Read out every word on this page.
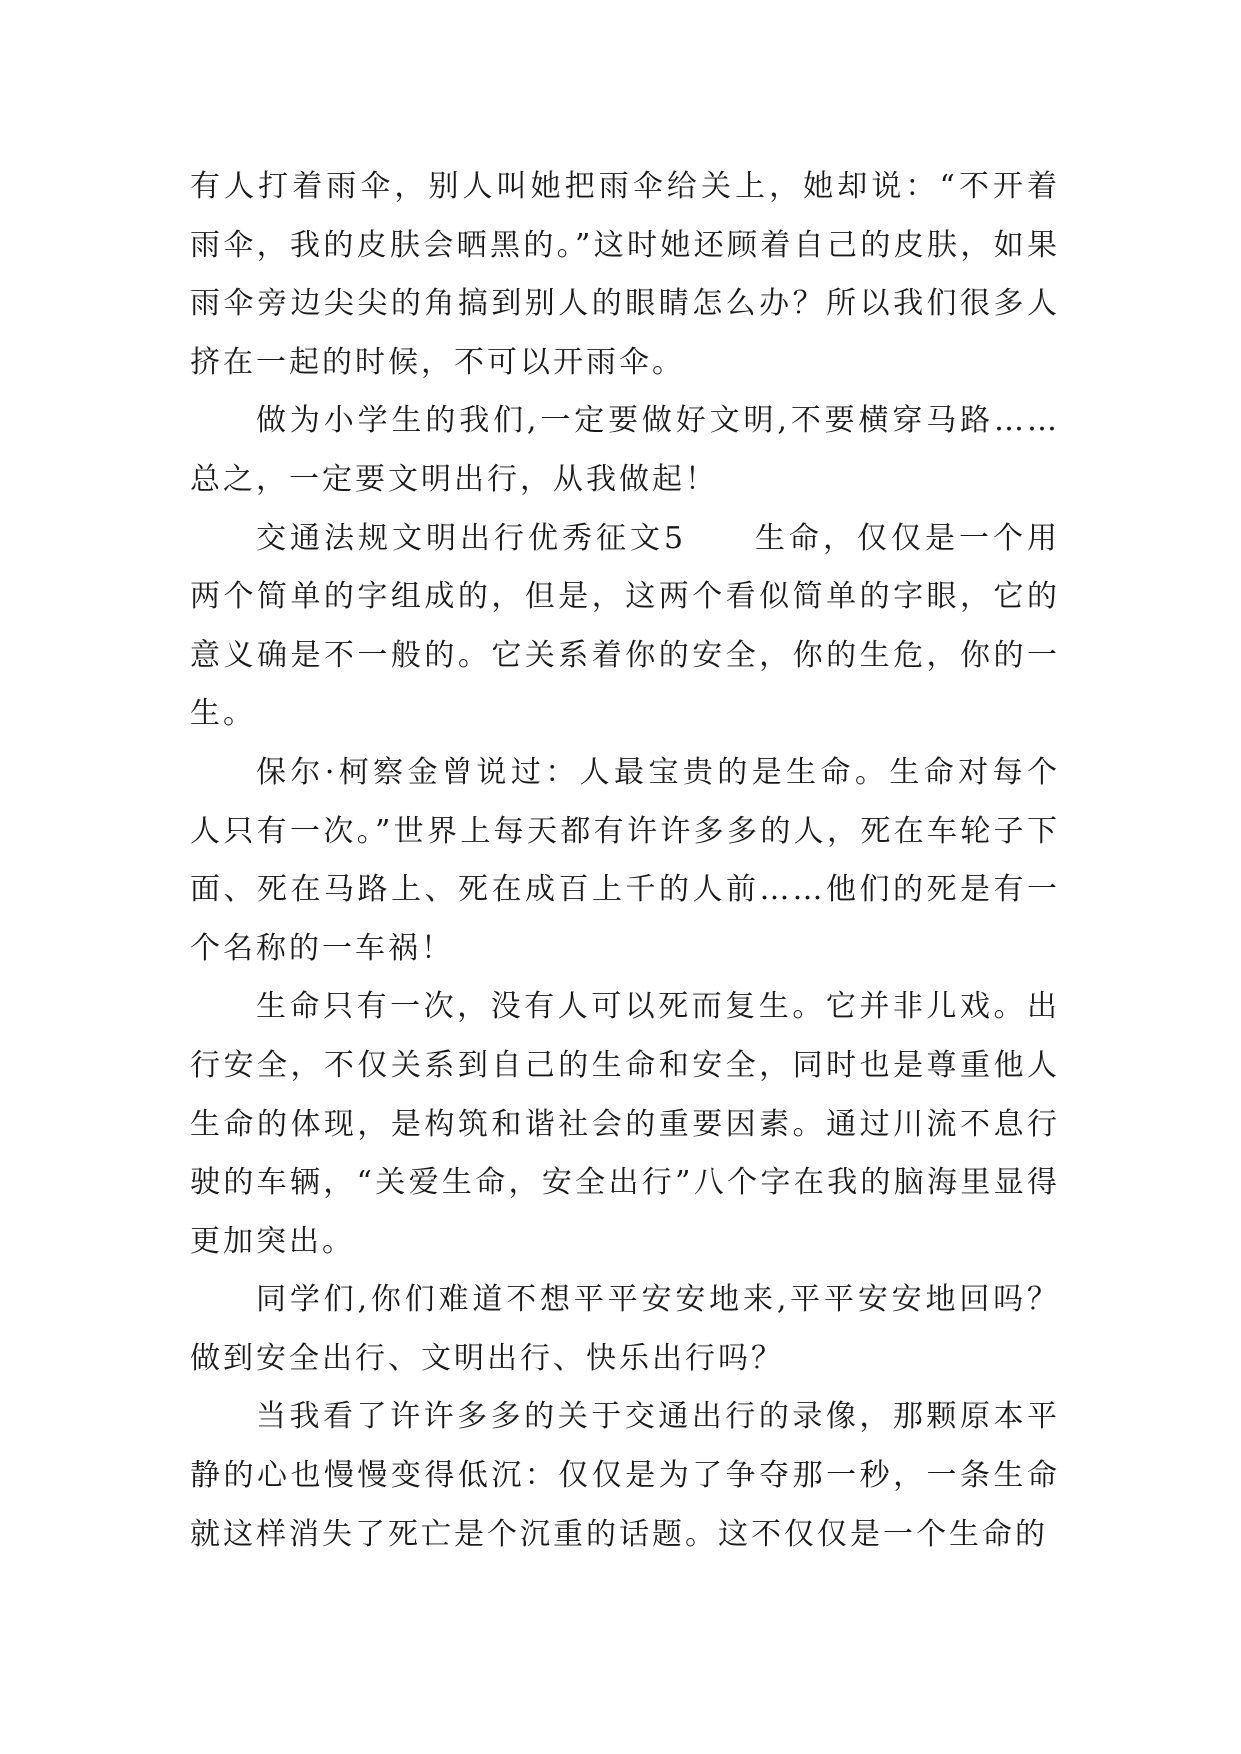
有人打着雨伞，别人叫她把雨伞给关上，她却说：“不开着雨伞，我的皮肤会晒黑的。”这时她还顾着自己的皮肤，如果雨伞旁边尖尖的角搞到别人的眼睛怎么办？所以我们很多人挤在一起的时候，不可以开雨伞。

做为小学生的我们,一定要做好文明,不要横穿马路……总之，一定要文明出行，从我做起！

交通法规文明出行优秀征文5　　生命，仅仅是一个用两个简单的字组成的，但是，这两个看似简单的字眼，它的意义确是不一般的。它关系着你的安全，你的生危，你的一生。

保尔·柯察金曾说过：人最宝贵的是生命。生命对每个人只有一次。”世界上每天都有许许多多的人，死在车轮子下面、死在马路上、死在成百上千的人前……他们的死是有一个名称的一车祸！

生命只有一次，没有人可以死而复生。它并非儿戏。出行安全，不仅关系到自己的生命和安全，同时也是尊重他人生命的体现，是构筑和谐社会的重要因素。通过川流不息行驶的车辆，“关爱生命，安全出行”八个字在我的脑海里显得更加突出。

同学们,你们难道不想平平安安地来,平平安安地回吗？做到安全出行、文明出行、快乐出行吗？

当我看了许许多多的关于交通出行的录像，那颗原本平静的心也慢慢变得低沉：仅仅是为了争夺那一秒，一条生命就这样消失了死亡是个沉重的话题。这不仅仅是一个生命的
